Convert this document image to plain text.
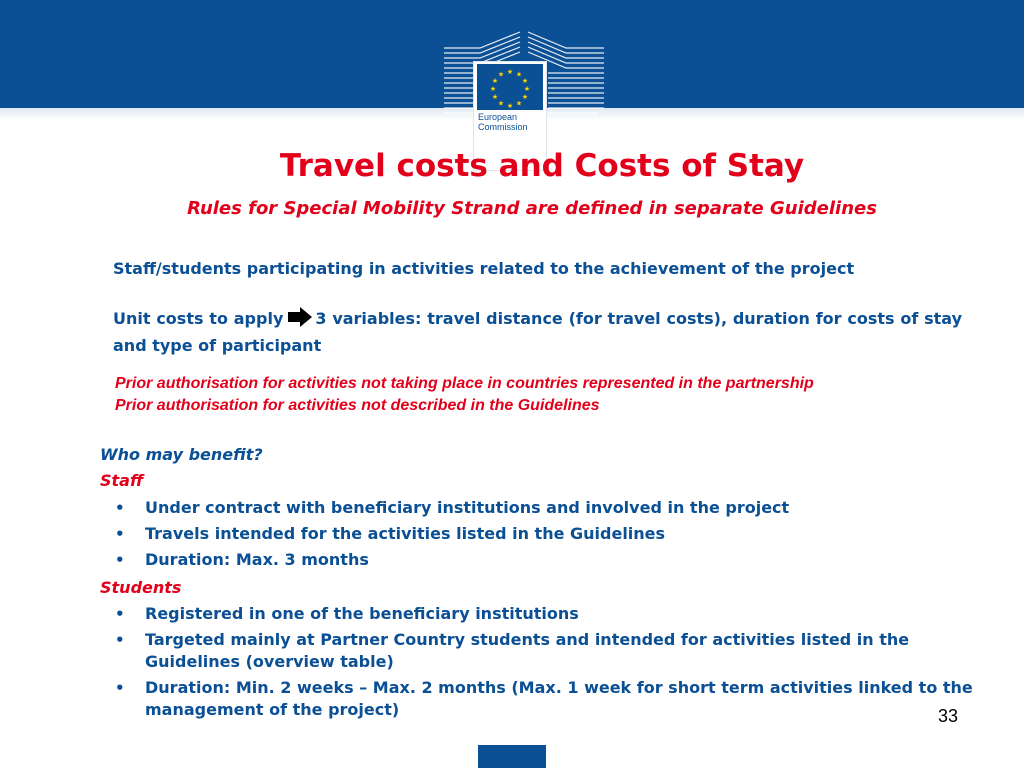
★ ★
★
★
★
★
★
★
★
★
★
★
European
Commission
Travel costs and Costs of Stay

Rules for Special Mobility Strand are defined in separate Guidelines

Staff/students participating in activities related to the achievement of the project

Unit costs to apply 3 variables: travel distance (for travel costs), duration for costs of stay and type of participant

Prior authorisation for activities not taking place in countries represented in the partnership

Prior authorisation for activities not described in the Guidelines

Who may benefit?

Staff

• Under contract with beneficiary institutions and involved in the project
• Travels intended for the activities listed in the Guidelines
• Duration: Max. 3 months

Students

• Registered in one of the beneficiary institutions
• Targeted mainly at Partner Country students and intended for activities listed in the Guidelines (overview table)
• Duration: Min. 2 weeks – Max. 2 months (Max. 1 week for short term activities linked to the management of the project)	33
